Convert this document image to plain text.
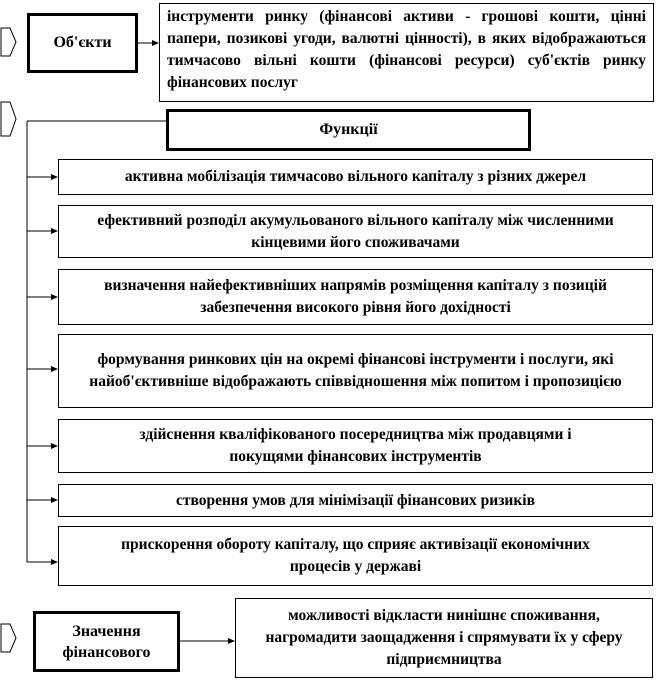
Об'єкти
інструменти ринку (фінансові активи - грошові кошти, цінні папери, позикові угоди, валютні цінності), в яких відображаються тимчасово вільні кошти (фінансові ресурси) суб'єктів ринку фінансових послуг
Функції
активна мобілізація тимчасово вільного капіталу з різних джерел
ефективний розподіл акумульованого вільного капіталу між численними кінцевими його споживачами
визначення найефективніших напрямів розміщення капіталу з позицій забезпечення високого рівня його дохідності
формування ринкових цін на окремі фінансові інструменти і послуги, які найоб'єктивніше відображають співвідношення між попитом і пропозицією
здійснення кваліфікованого посередництва між продавцями і покущями фінансових інструментів
створення умов для мінімізації фінансових ризиків
прискорення обороту капіталу, що сприяє активізації економічних процесів у державі
Значення
фінансового
можливості відкласти нинішнє споживання, нагромадити заощадження і спрямувати їх у сферу підприємництва
